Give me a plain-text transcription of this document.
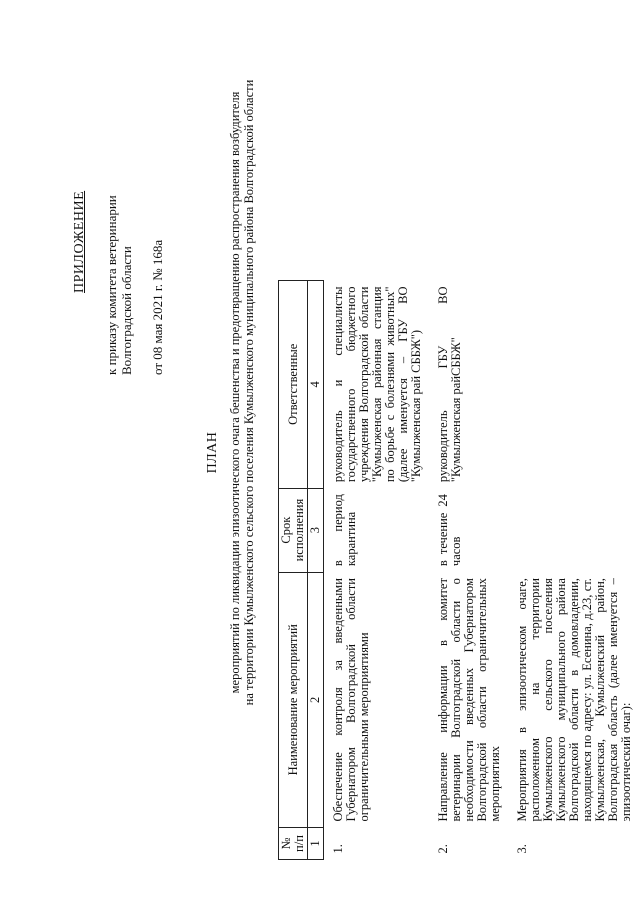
ПРИЛОЖЕНИЕ к приказу комитета ветеринарии Волгоградской области от 08 мая 2021 г. № 168а
ПЛАН мероприятий по ликвидации эпизоотического очага бешенства и предотвращению распространения возбудителя на территории Кумылженского сельского поселения Кумылженского муниципального района Волгоградской области
№ п/п	Наименование мероприятий	Срок исполнения	Ответственные
1	2	3	4
1.	Обеспечение контроля за введенными Губернатором Волгоградской области ограничительными мероприятиями	в период карантина	руководитель и специалисты государственного бюджетного учреждения Волгоградской области "Кумылженская районная станция по борьбе с болезнями животных" (далее именуется – ГБУ ВО "Кумылженская рай СББЖ")
2.	Направление информации в комитет ветеринарии Волгоградской области о необходимости введенных Губернатором Волгоградской области ограничительных мероприятиях	в течение 24 часов	руководитель ГБУ ВО "Кумылженская райСББЖ"
3.	Мероприятия в эпизоотическом очаге, расположенном на территории Кумылженского сельского поселения Кумылженского муниципального района Волгоградской области в домовладении, находящемся по адресу: ул. Есенина, д.23, ст. Кумылженская, Кумылженский район, Волгоградская область (далее именуется – эпизоотический очаг):		
